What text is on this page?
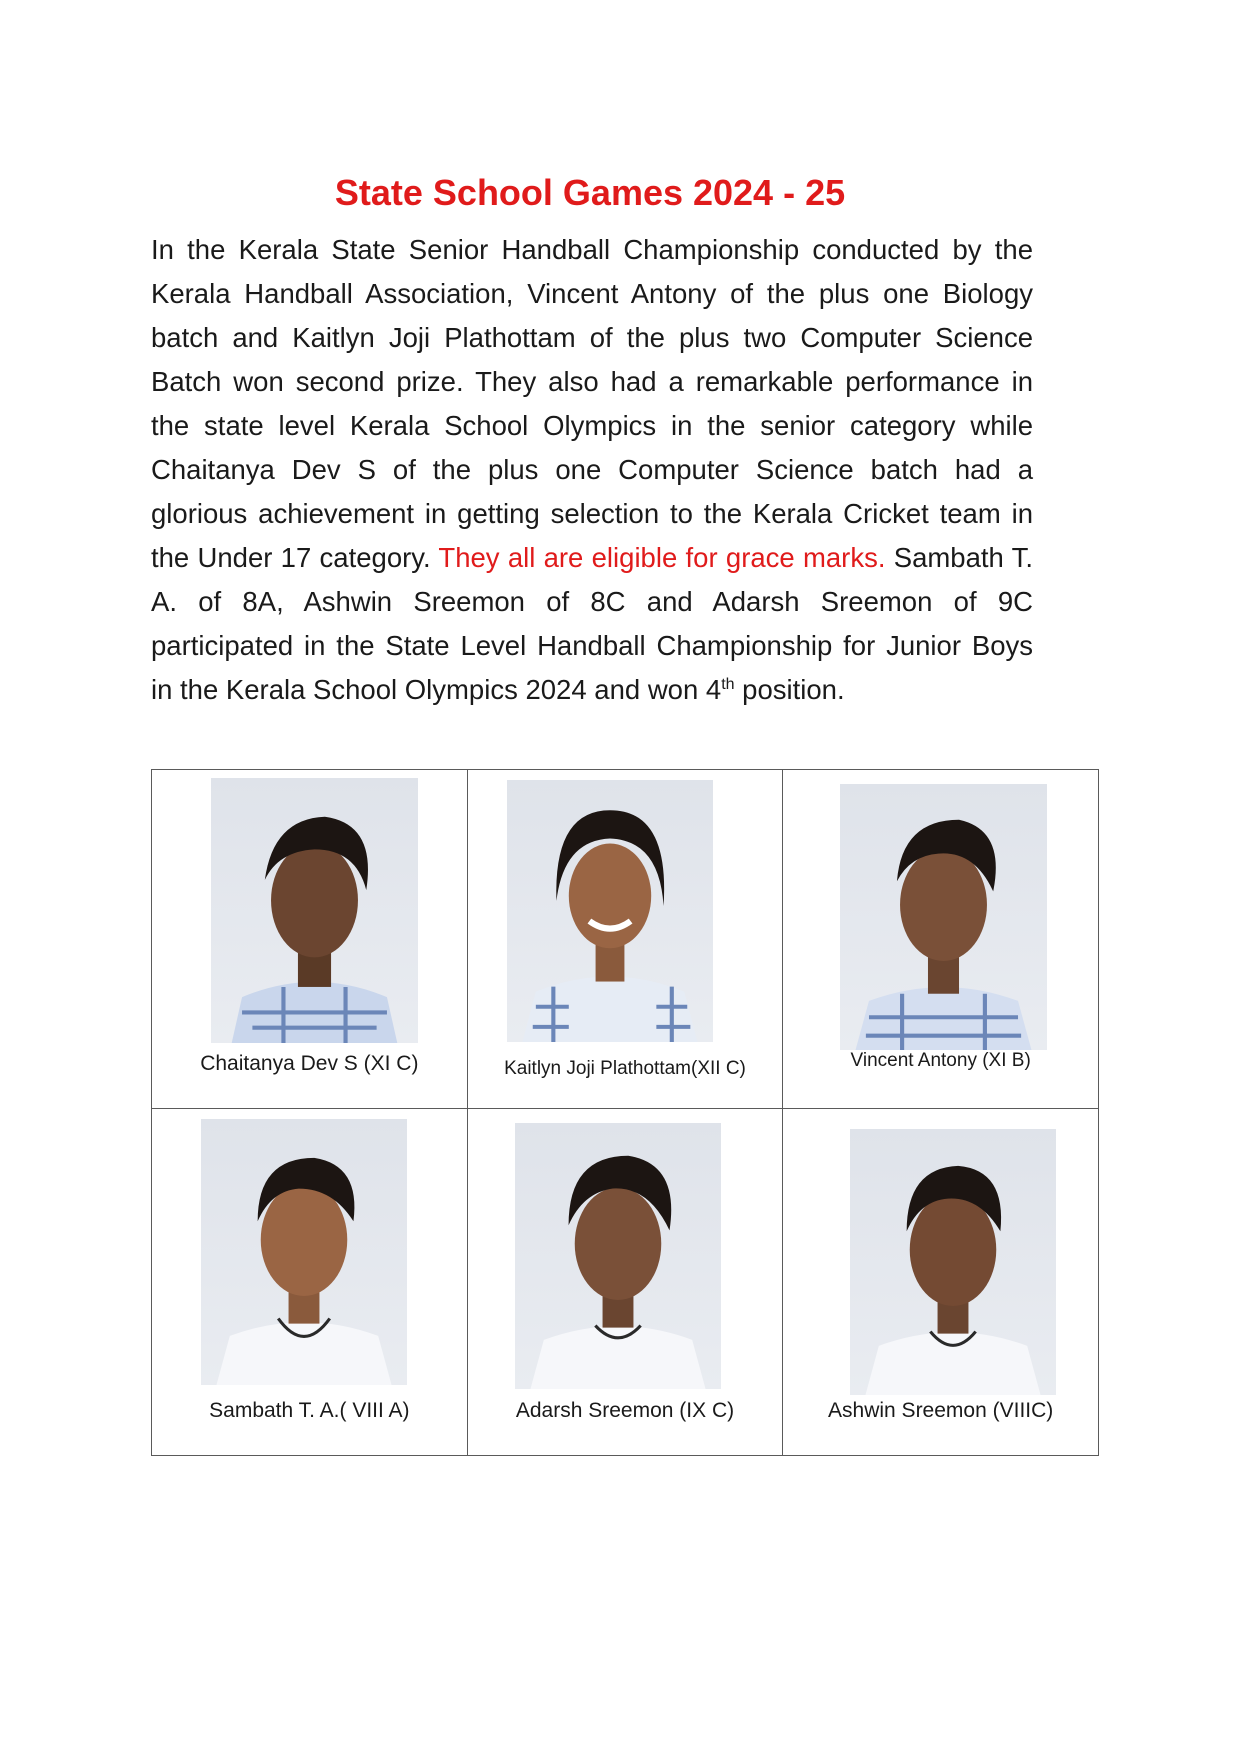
State School Games 2024 - 25
In the Kerala State Senior Handball Championship conducted by the Kerala Handball Association, Vincent Antony of the plus one Biology batch and Kaitlyn Joji Plathottam of the plus two Computer Science Batch won second prize. They also had a remarkable performance in the state level Kerala School Olympics in the senior category while Chaitanya Dev S of the plus one Computer Science batch had a glorious achievement in getting selection to the Kerala Cricket team in the Under 17 category. They all are eligible for grace marks. Sambath T. A. of 8A, Ashwin Sreemon of 8C and Adarsh Sreemon of 9C participated in the State Level Handball Championship for Junior Boys in the Kerala School Olympics 2024 and won 4th position.
Chaitanya Dev S (XI C)	Kaitlyn Joji Plathottam(XII C)	Vincent Antony (XI B)

Sambath T. A.( VIII A)	Adarsh Sreemon (IX C)	Ashwin Sreemon (VIIIC)
